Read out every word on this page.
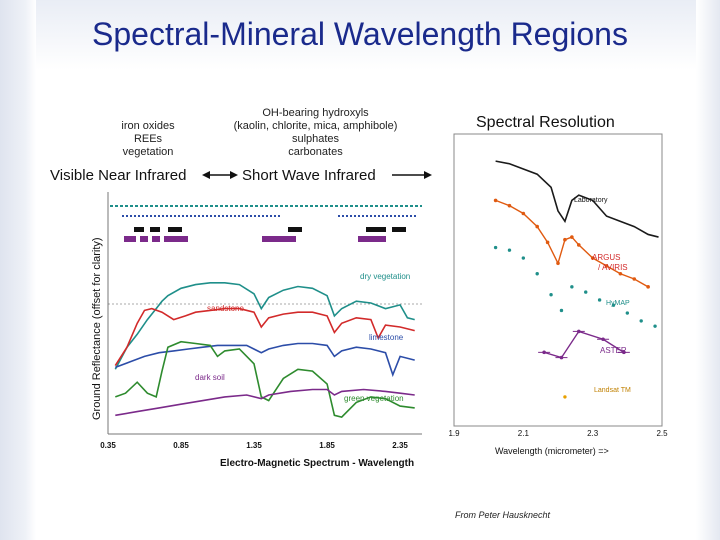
Spectral-Mineral Wavelength Regions
iron oxides
REEs
vegetation
OH-bearing hydroxyls
(kaolin, chlorite, mica, amphibole)
sulphates
carbonates
Visible Near Infrared	Short Wave Infrared
Spectral Resolution
0.35	0.85	1.35	1.85	2.35
Ground Reflectance (offset for clarity)
Electro-Magnetic Spectrum - Wavelength
dry vegetation
sandstone
limestone
dark soil
green vegetation
1.9	2.1	2.3	2.5
Wavelength (micrometer) =>
Laboratory
ARGUS / AVIRIS
HyMAP
ASTER
Landsat TM
From Peter Hausknecht
